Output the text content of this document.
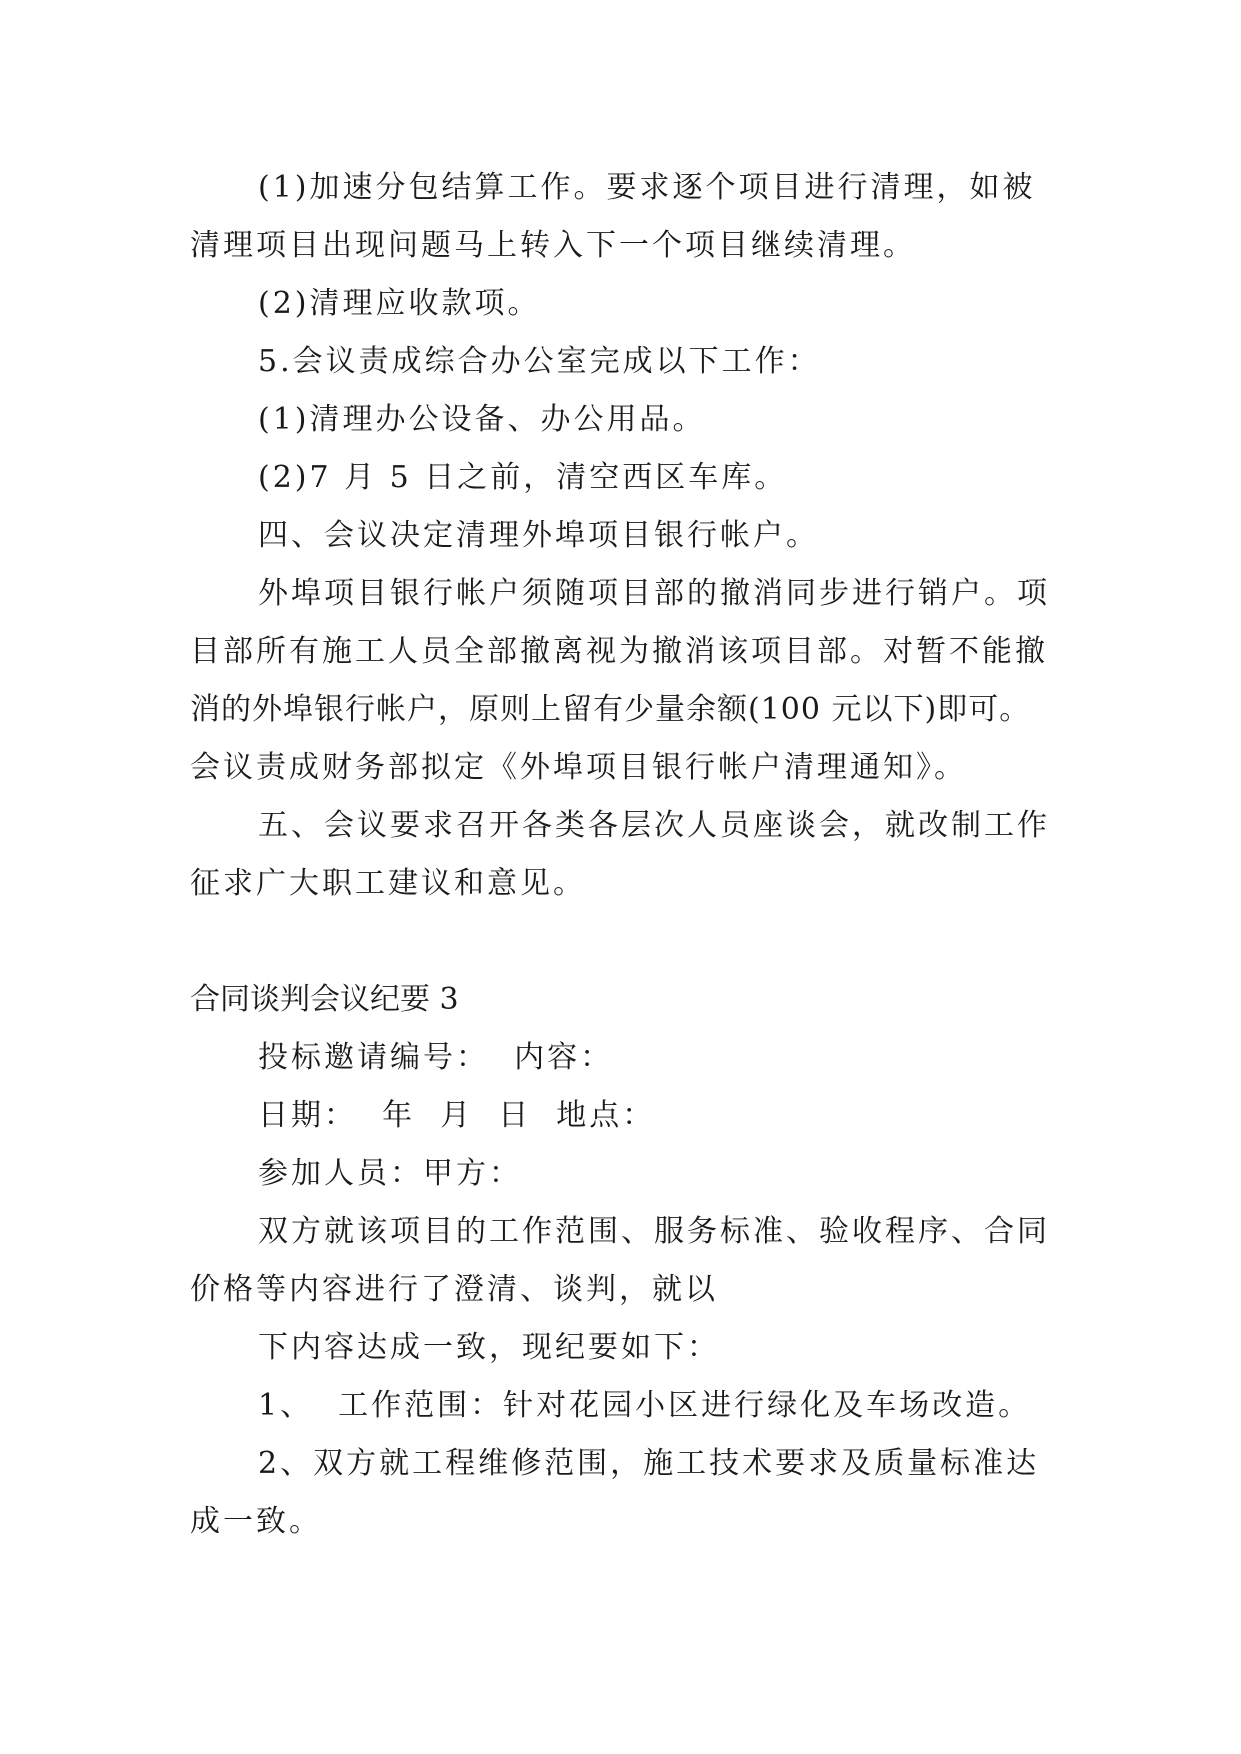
(1)加速分包结算工作。要求逐个项目进行清理，如被
清理项目出现问题马上转入下一个项目继续清理。
(2)清理应收款项。
5.会议责成综合办公室完成以下工作：
(1)清理办公设备、办公用品。
(2)7 月 5 日之前，清空西区车库。
四、会议决定清理外埠项目银行帐户。
外埠项目银行帐户须随项目部的撤消同步进行销户。项
目部所有施工人员全部撤离视为撤消该项目部。对暂不能撤
消的外埠银行帐户，原则上留有少量余额(100 元以下)即可。
会议责成财务部拟定《外埠项目银行帐户清理通知》。
五、会议要求召开各类各层次人员座谈会，就改制工作
征求广大职工建议和意见。
合同谈判会议纪要 3
投标邀请编号：  内容：
日期：  年  月  日  地点：
参加人员：甲方：
双方就该项目的工作范围、服务标准、验收程序、合同
价格等内容进行了澄清、谈判，就以
下内容达成一致，现纪要如下：
1、  工作范围：针对花园小区进行绿化及车场改造。
2、双方就工程维修范围，施工技术要求及质量标准达
成一致。
